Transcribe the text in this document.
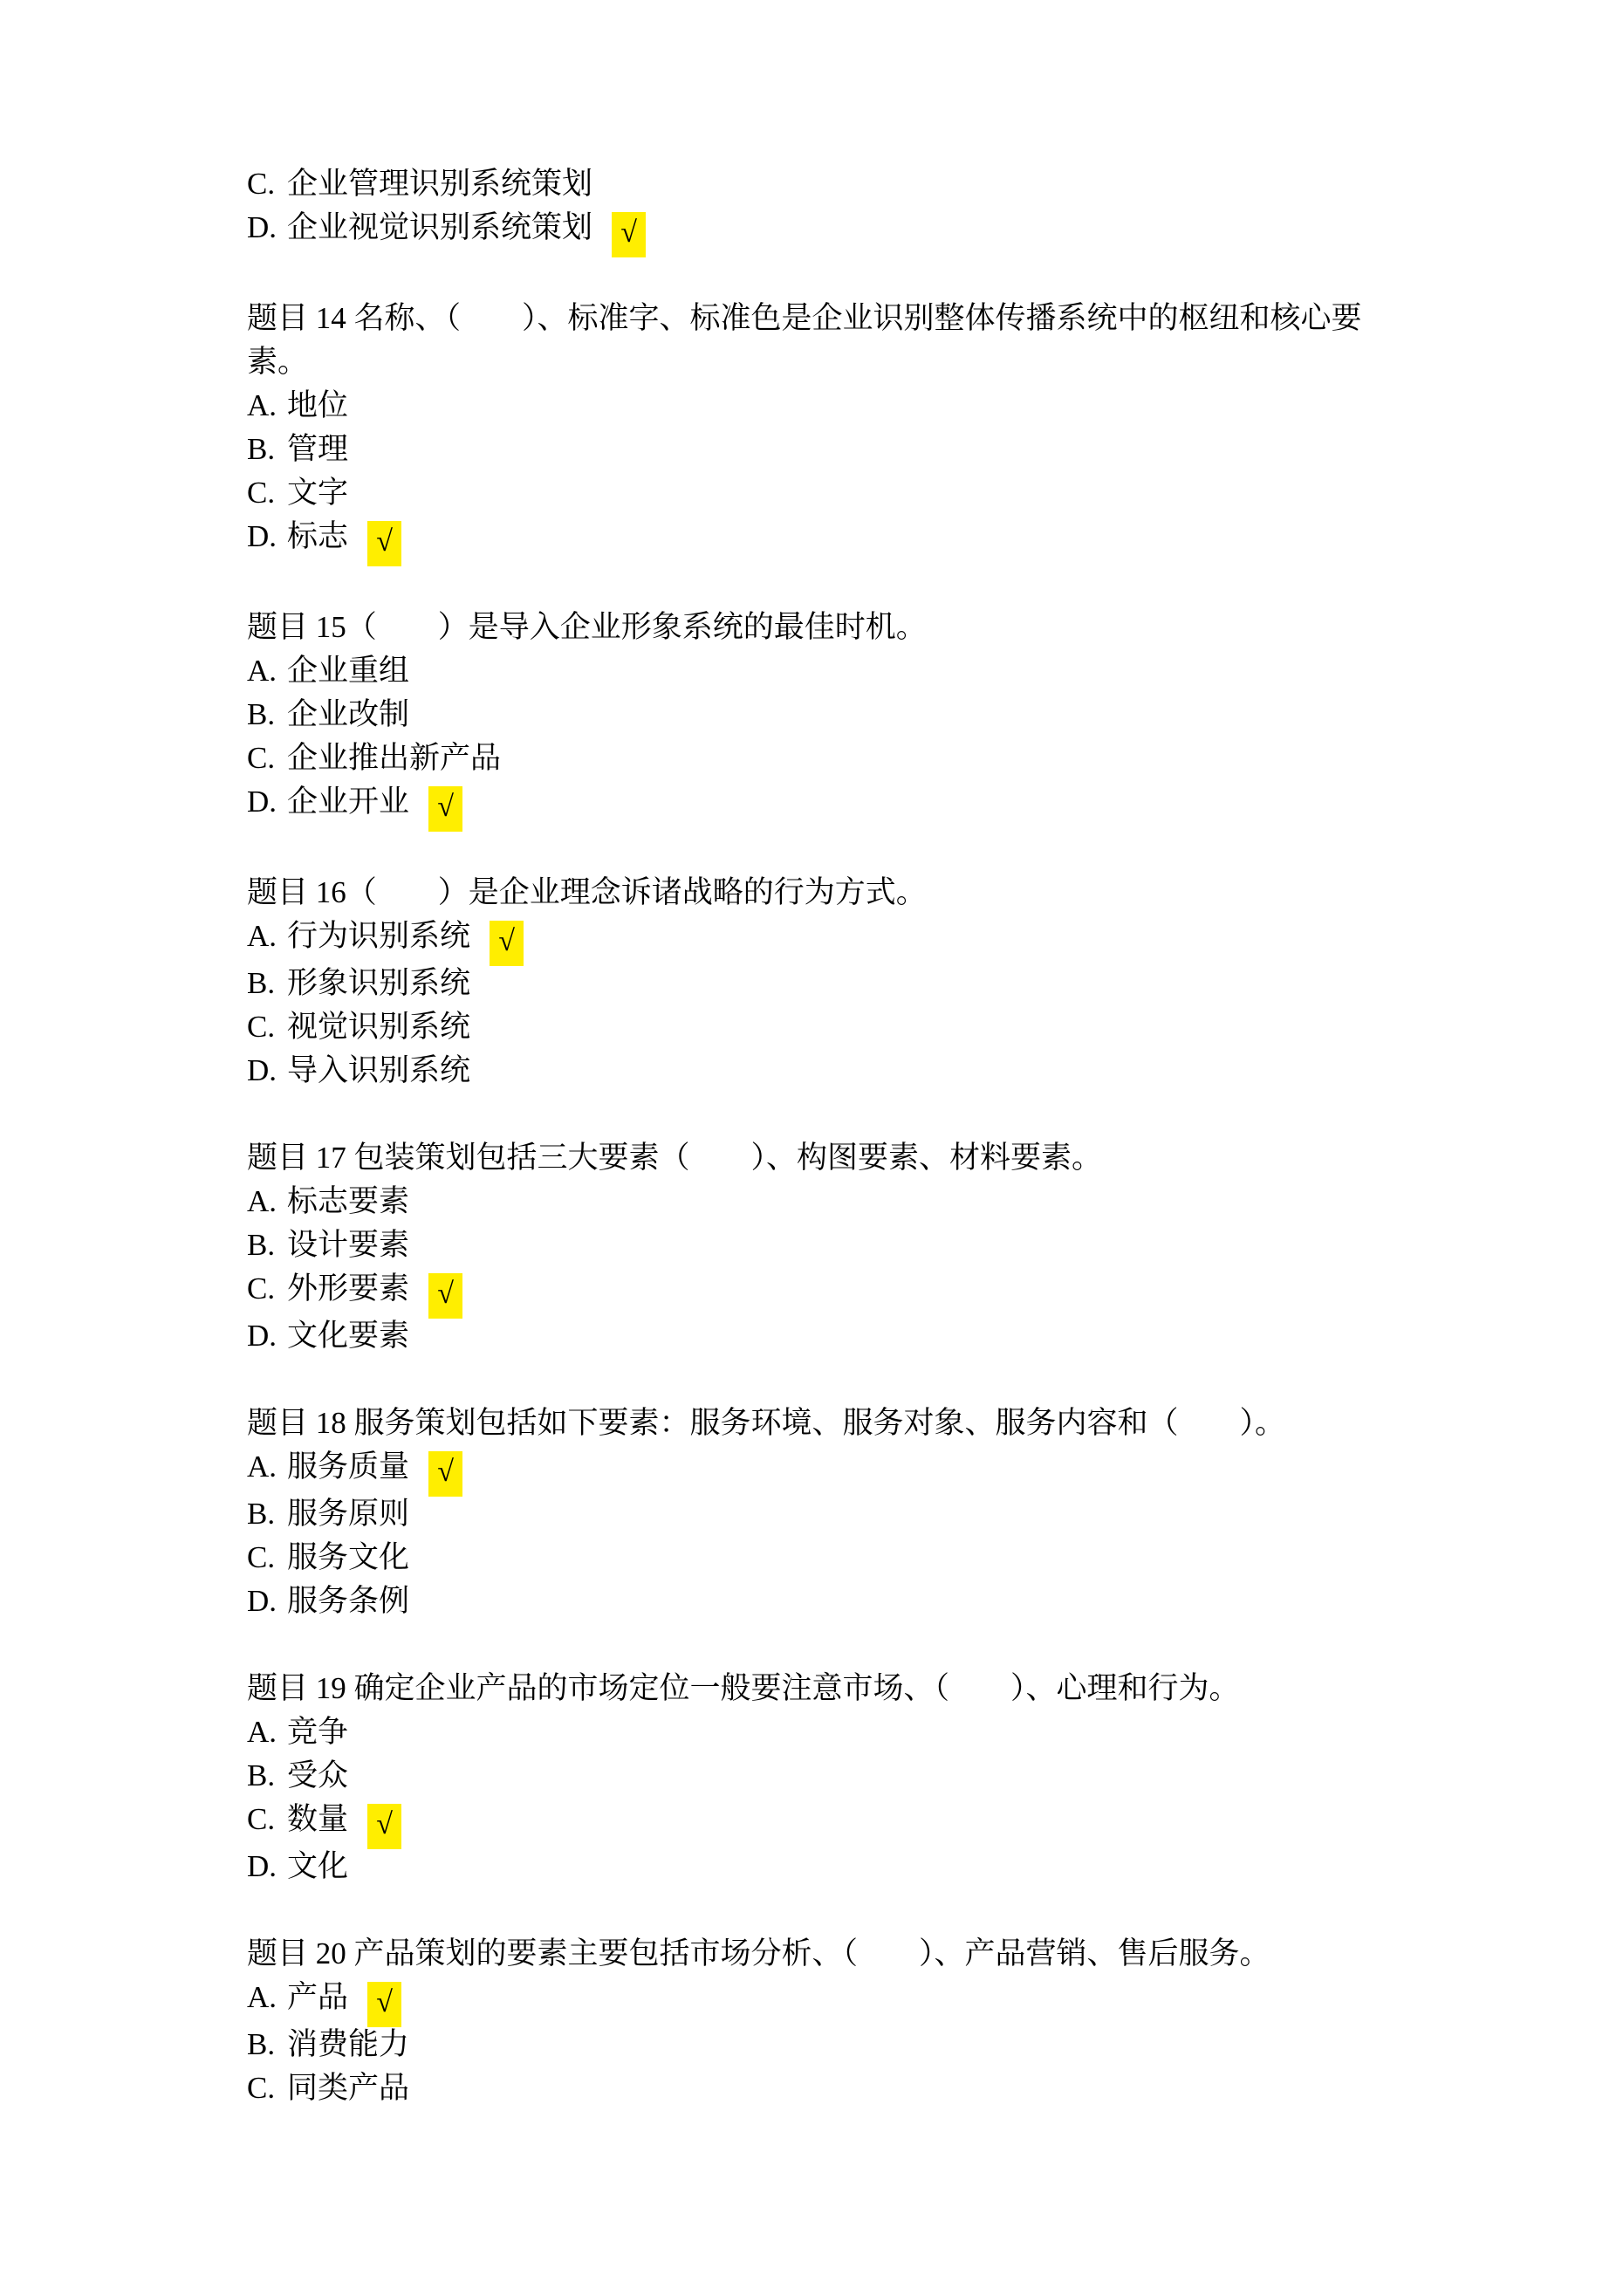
C. 企业管理识别系统策划
D. 企业视觉识别系统策划 √
题目 14 名称、（　　）、标准字、标准色是企业识别整体传播系统中的枢纽和核心要素。
A. 地位
B. 管理
C. 文字
D. 标志 √
题目 15（　　）是导入企业形象系统的最佳时机。
A. 企业重组
B. 企业改制
C. 企业推出新产品
D. 企业开业 √
题目 16（　　）是企业理念诉诸战略的行为方式。
A. 行为识别系统 √
B. 形象识别系统
C. 视觉识别系统
D. 导入识别系统
题目 17 包装策划包括三大要素（　　）、构图要素、材料要素。
A. 标志要素
B. 设计要素
C. 外形要素 √
D. 文化要素
题目 18 服务策划包括如下要素：服务环境、服务对象、服务内容和（　　）。
A. 服务质量 √
B. 服务原则
C. 服务文化
D. 服务条例
题目 19 确定企业产品的市场定位一般要注意市场、（　　）、心理和行为。
A. 竞争
B. 受众
C. 数量 √
D. 文化
题目 20 产品策划的要素主要包括市场分析、（　　）、产品营销、售后服务。
A. 产品 √
B. 消费能力
C. 同类产品
